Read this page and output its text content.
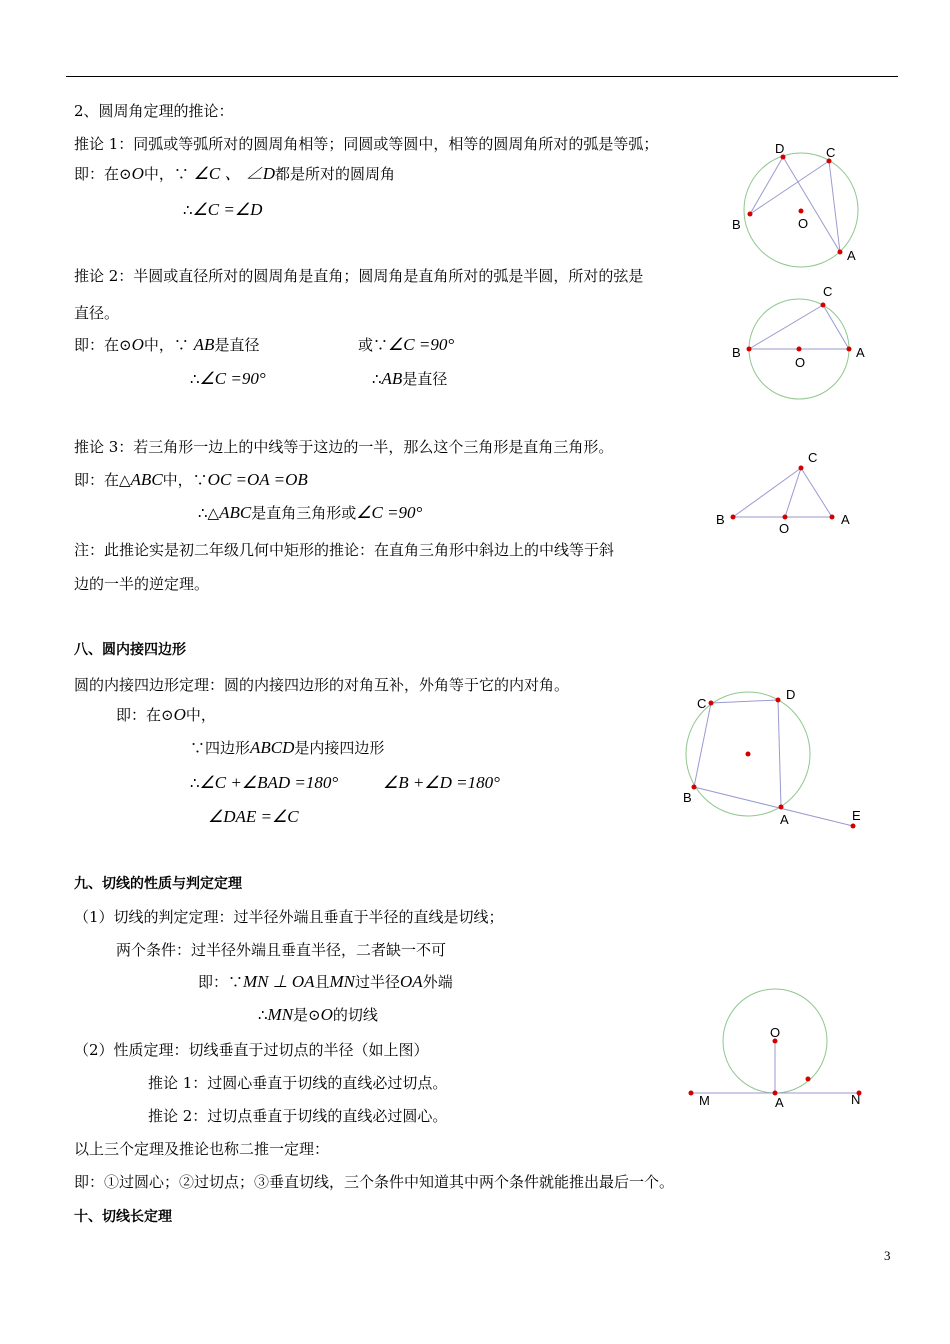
2、圆周角定理的推论：
推论 1：同弧或等弧所对的圆周角相等；同圆或等圆中，相等的圆周角所对的弧是等弧；
即：在⊙O中，∵ ∠C 、 ∠D都是所对的圆周角
∴∠C =∠D
推论 2：半圆或直径所对的圆周角是直角；圆周角是直角所对的弧是半圆，所对的弦是
直径。
即：在⊙O中，∵ AB是直径	或∵∠C =90°
∴∠C =90°	∴AB是直径
推论 3：若三角形一边上的中线等于这边的一半，那么这个三角形是直角三角形。
即：在△ABC中，∵OC =OA =OB
∴△ABC是直角三角形或∠C =90°
注：此推论实是初二年级几何中矩形的推论：在直角三角形中斜边上的中线等于斜
边的一半的逆定理。
八、圆内接四边形
圆的内接四边形定理：圆的内接四边形的对角互补，外角等于它的内对角。
即：在⊙O中，
∵四边形ABCD是内接四边形
∴∠C +∠BAD =180°	∠B +∠D =180°
∠DAE =∠C
九、切线的性质与判定定理
（1）切线的判定定理：过半径外端且垂直于半径的直线是切线；
两个条件：过半径外端且垂直半径，二者缺一不可
即：∵MN ⊥ OA且MN过半径OA外端
∴MN是⊙O的切线
（2）性质定理：切线垂直于过切点的半径（如上图）
推论 1：过圆心垂直于切线的直线必过切点。
推论 2：过切点垂直于切线的直线必过圆心。
以上三个定理及推论也称二推一定理：
即：①过圆心；②过切点；③垂直切线，三个条件中知道其中两个条件就能推出最后一个。
十、切线长定理
3
D	C
B	O
A
C
B
O
A
C
B
O
A
C
D
B
A	E
O
M	A	N
